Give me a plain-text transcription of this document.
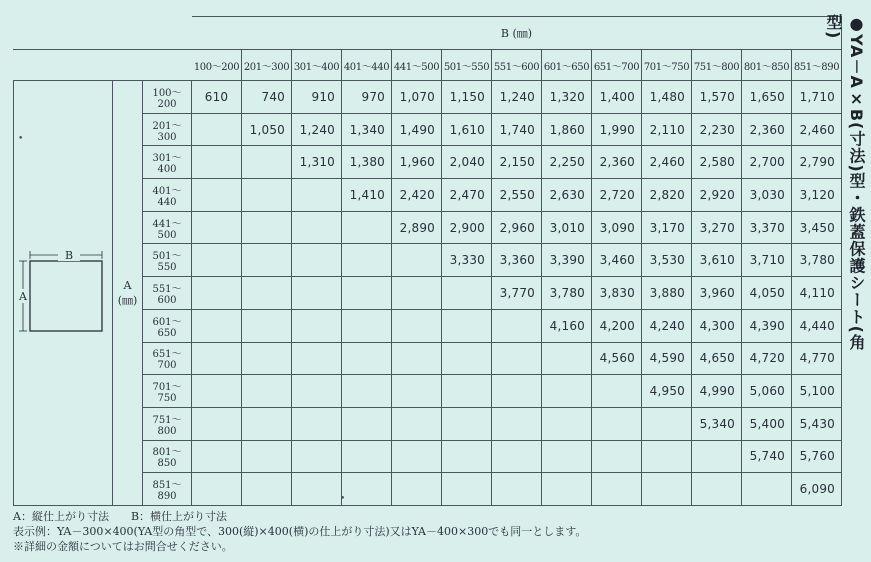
			B (㎜)												
			100～200	201～300	301～400	401～440	441～500	501～550	551～600	601～650	651～700	701～750	751～800	801～850	851～890

B
A	A
(㎜)	100～200	610	740	910	970	1,070	1,150	1,240	1,320	1,400	1,480	1,570	1,650	1,710
		201～300		1,050	1,240	1,340	1,490	1,610	1,740	1,860	1,990	2,110	2,230	2,360	2,460
		301～400			1,310	1,380	1,960	2,040	2,150	2,250	2,360	2,460	2,580	2,700	2,790
		401～440				1,410	2,420	2,470	2,550	2,630	2,720	2,820	2,920	3,030	3,120
		441～500					2,890	2,900	2,960	3,010	3,090	3,170	3,270	3,370	3,450
		501～550						3,330	3,360	3,390	3,460	3,530	3,610	3,710	3,780
		551～600							3,770	3,780	3,830	3,880	3,960	4,050	4,110
		601～650								4,160	4,200	4,240	4,300	4,390	4,440
		651～700									4,560	4,590	4,650	4,720	4,770
		701～750										4,950	4,990	5,060	5,100
		751～800											5,340	5,400	5,430
		801～850												5,740	5,760
		851～890													6,090
●YA－A×B(寸法)型・鉄蓋保護シート(角型)
A：縦仕上がり寸法　　B：横仕上がり寸法
表示例：YA－300×400(YA型の角型で、300(縦)×400(横)の仕上がり寸法)又はYA－400×300でも同一とします。
※詳細の金額についてはお問合せください。
•
•
